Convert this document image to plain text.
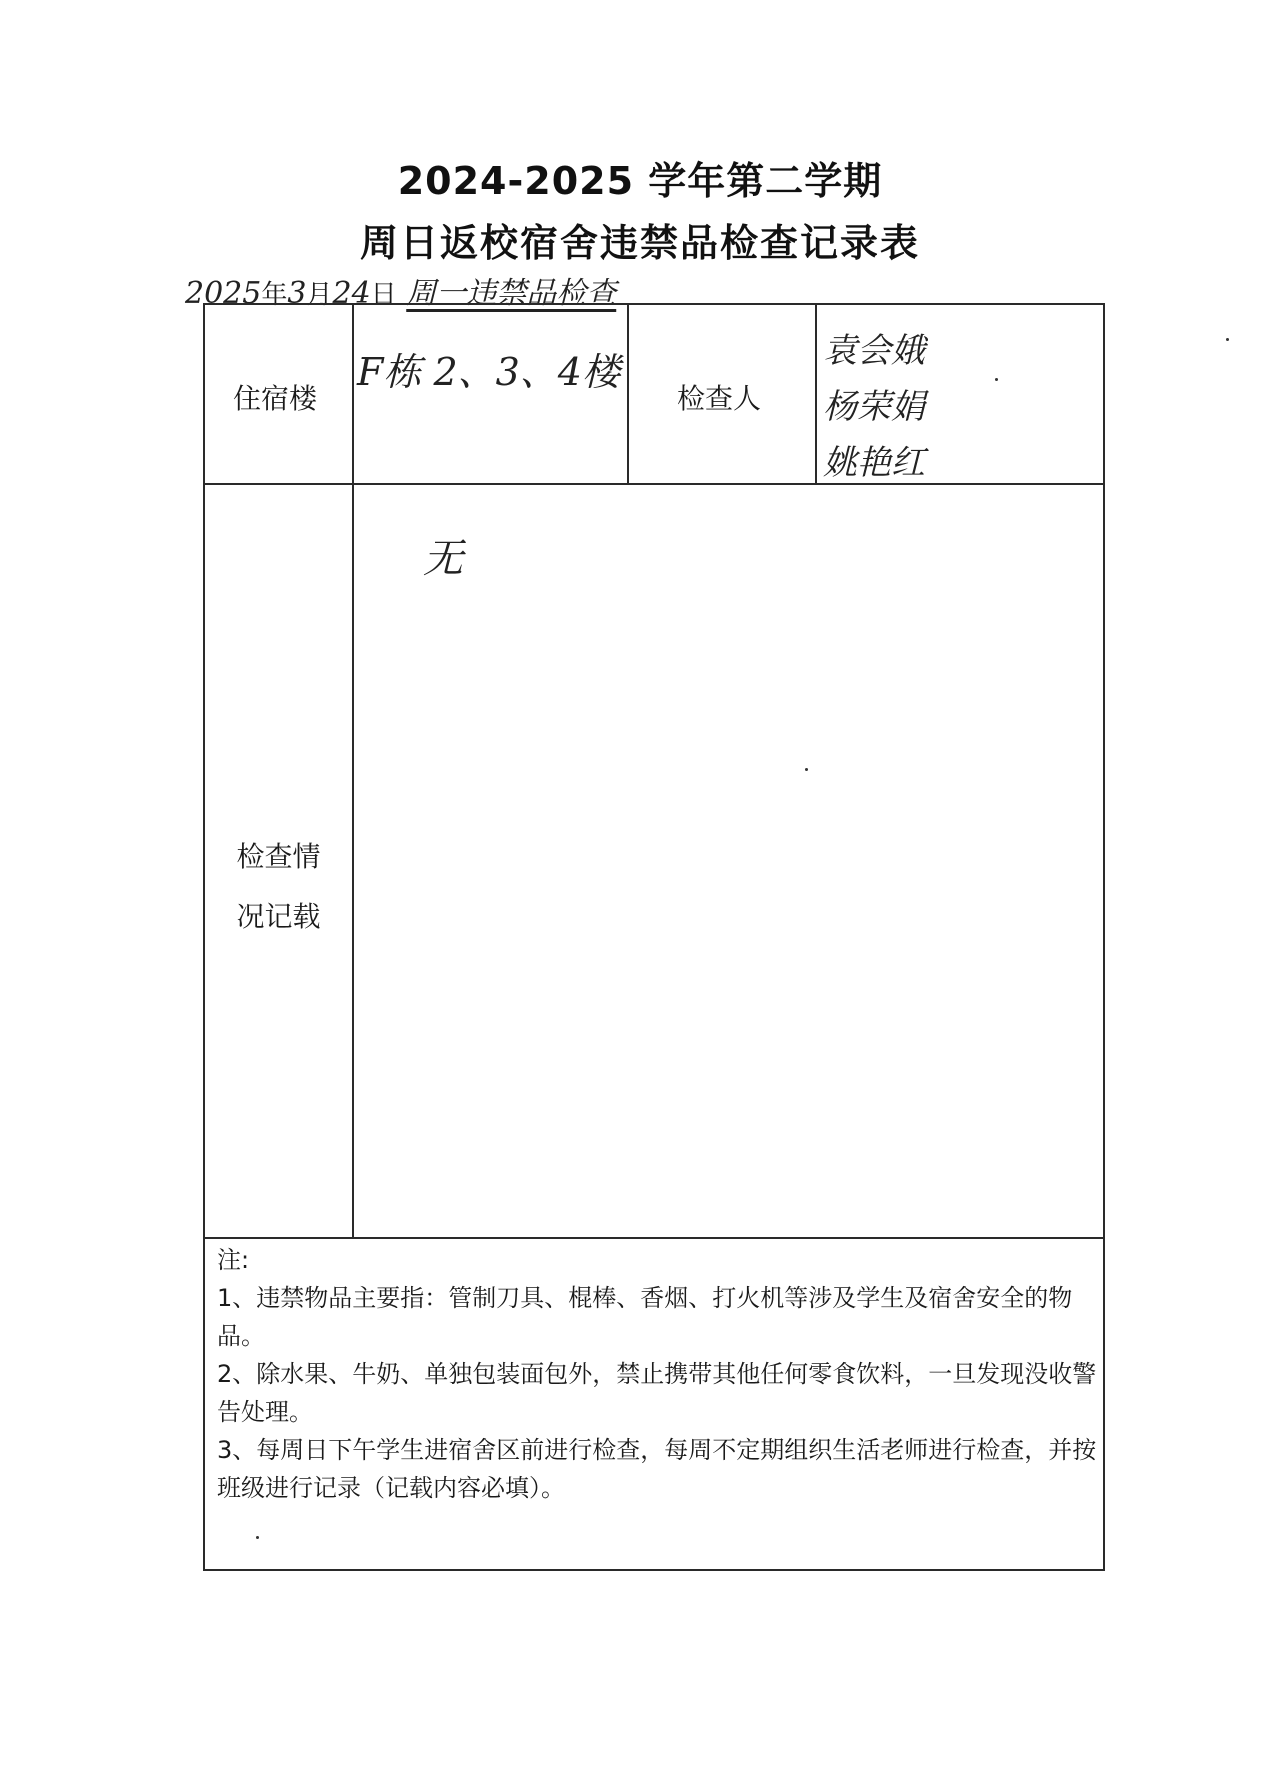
2024-2025 学年第二学期
周日返校宿舍违禁品检查记录表
2025年3月24日 周一违禁品检查
住宿楼
F栋 2、3、4楼
检查人
袁会娥
杨荣娟
姚艳红
检查情
况记载
无

注:

1、违禁物品主要指：管制刀具、棍棒、香烟、打火机等涉及学生及宿舍安全的物品。

2、除水果、牛奶、单独包装面包外，禁止携带其他任何零食饮料，一旦发现没收警告处理。

3、每周日下午学生进宿舍区前进行检查，每周不定期组织生活老师进行检查，并按班级进行记录（记载内容必填）。
